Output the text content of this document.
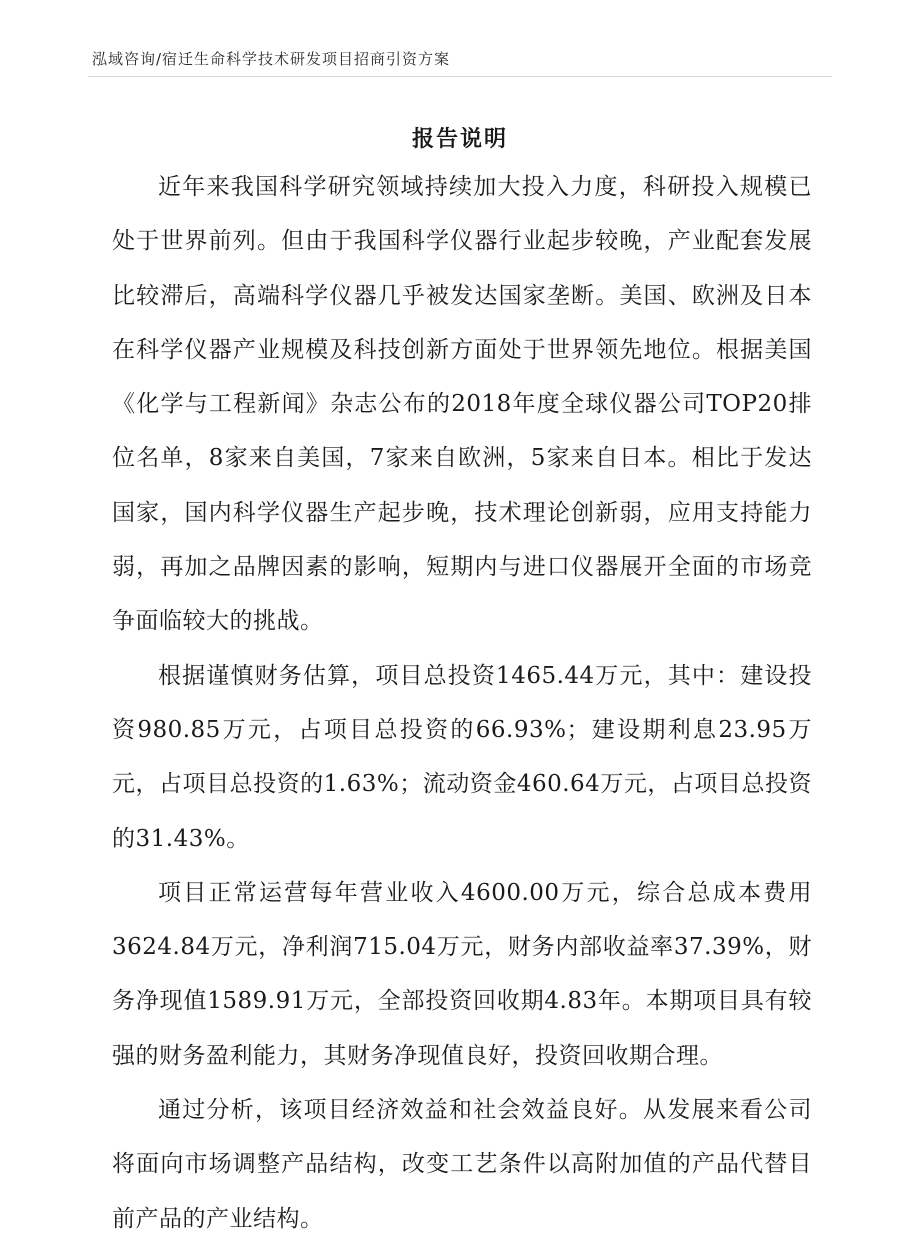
泓域咨询/宿迁生命科学技术研发项目招商引资方案
报告说明

近年来我国科学研究领域持续加大投入力度，科研投入规模已处于世界前列。但由于我国科学仪器行业起步较晚，产业配套发展比较滞后，高端科学仪器几乎被发达国家垄断。美国、欧洲及日本在科学仪器产业规模及科技创新方面处于世界领先地位。根据美国《化学与工程新闻》杂志公布的2018年度全球仪器公司TOP20排位名单，8家来自美国，7家来自欧洲，5家来自日本。相比于发达国家，国内科学仪器生产起步晚，技术理论创新弱，应用支持能力弱，再加之品牌因素的影响，短期内与进口仪器展开全面的市场竞争面临较大的挑战。

根据谨慎财务估算，项目总投资1465.44万元，其中：建设投资980.85万元，占项目总投资的66.93%；建设期利息23.95万元，占项目总投资的1.63%；流动资金460.64万元，占项目总投资的31.43%。

项目正常运营每年营业收入4600.00万元，综合总成本费用3624.84万元，净利润715.04万元，财务内部收益率37.39%，财务净现值1589.91万元，全部投资回收期4.83年。本期项目具有较强的财务盈利能力，其财务净现值良好，投资回收期合理。

通过分析，该项目经济效益和社会效益良好。从发展来看公司将面向市场调整产品结构，改变工艺条件以高附加值的产品代替目前产品的产业结构。
